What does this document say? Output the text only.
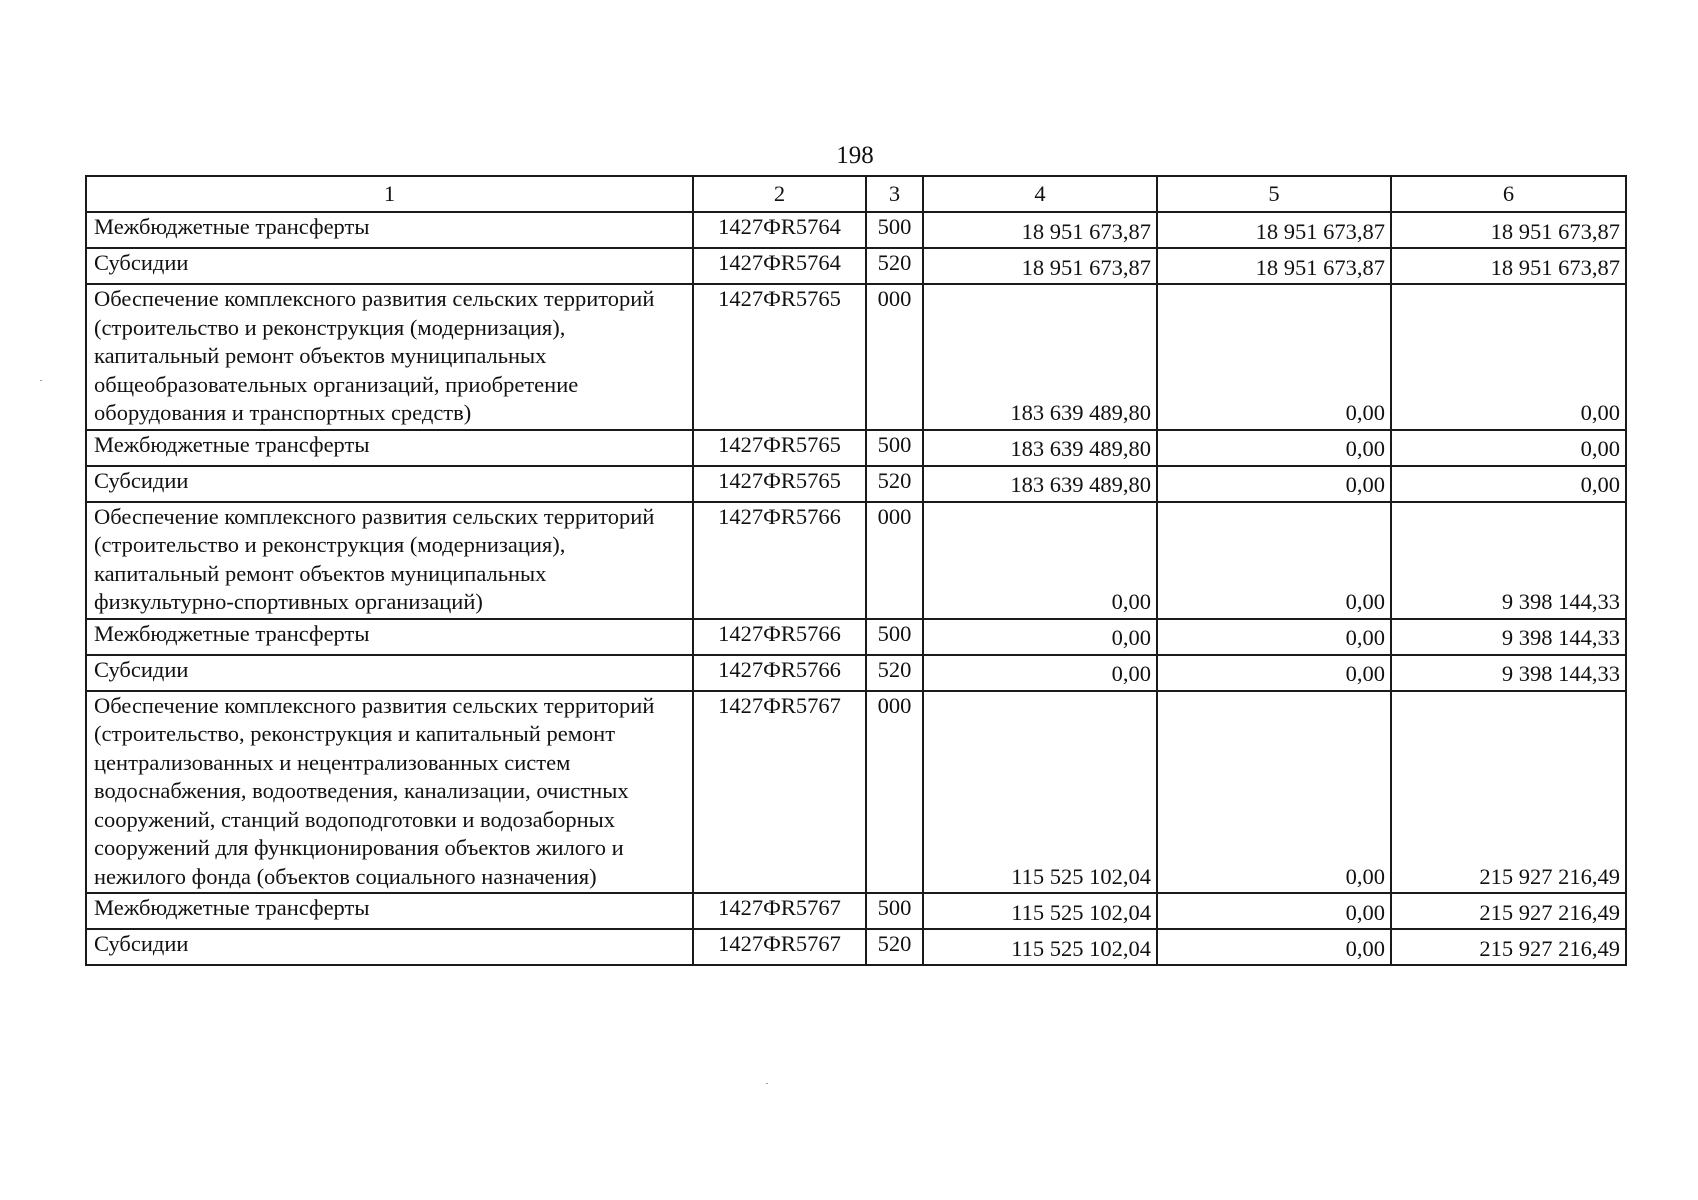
198
1	2	3	4	5	6
Межбюджетные трансферты	1427ФR5764	500	18 951 673,87	18 951 673,87	18 951 673,87
Субсидии	1427ФR5764	520	18 951 673,87	18 951 673,87	18 951 673,87
Обеспечение комплексного развития сельских территорий (строительство и реконструкция (модернизация), капитальный ремонт объектов муниципальных общеобразовательных организаций, приобретение оборудования и транспортных средств)	1427ФR5765	000	183 639 489,80	0,00	0,00
Межбюджетные трансферты	1427ФR5765	500	183 639 489,80	0,00	0,00
Субсидии	1427ФR5765	520	183 639 489,80	0,00	0,00
Обеспечение комплексного развития сельских территорий (строительство и реконструкция (модернизация), капитальный ремонт объектов муниципальных физкультурно-спортивных организаций)	1427ФR5766	000	0,00	0,00	9 398 144,33
Межбюджетные трансферты	1427ФR5766	500	0,00	0,00	9 398 144,33
Субсидии	1427ФR5766	520	0,00	0,00	9 398 144,33
Обеспечение комплексного развития сельских территорий (строительство, реконструкция и капитальный ремонт централизованных и нецентрализованных систем водоснабжения, водоотведения, канализации, очистных сооружений, станций водоподготовки и водозаборных сооружений для функционирования объектов жилого и нежилого фонда (объектов социального назначения)	1427ФR5767	000	115 525 102,04	0,00	215 927 216,49
Межбюджетные трансферты	1427ФR5767	500	115 525 102,04	0,00	215 927 216,49
Субсидии	1427ФR5767	520	115 525 102,04	0,00	215 927 216,49
